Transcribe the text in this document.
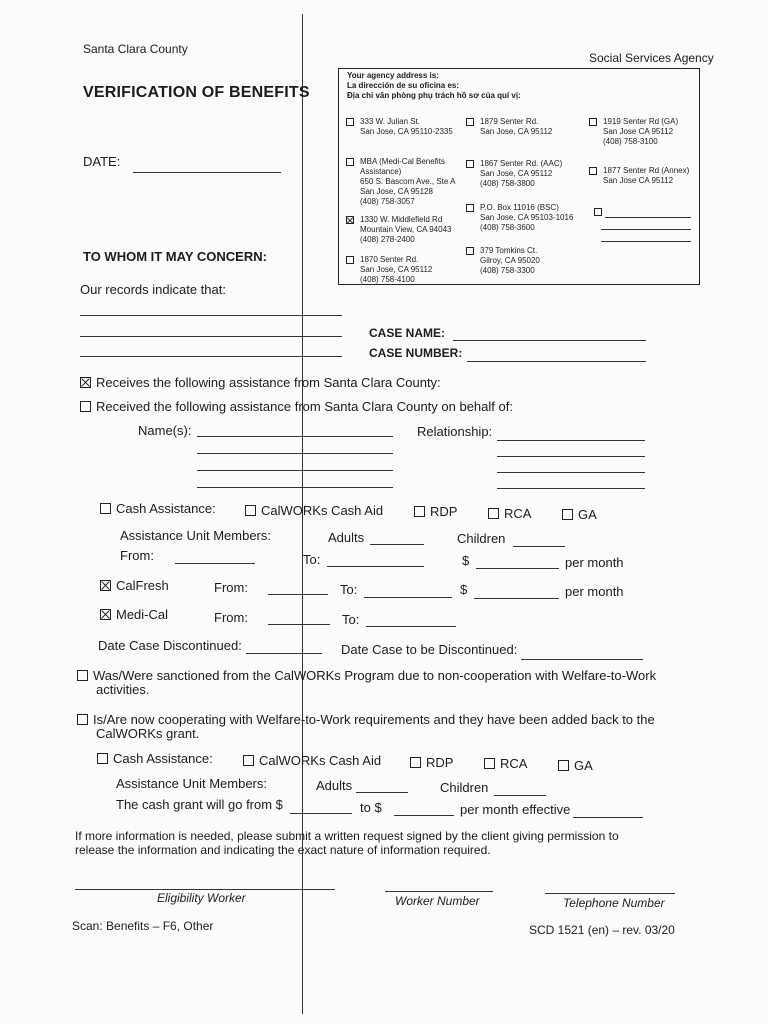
Santa Clara County
Social Services Agency
VERIFICATION OF BENEFITS
DATE:
TO WHOM IT MAY CONCERN:
Our records indicate that:
Your agency address is:
La dirección de su oficina es:
Địa chỉ văn phòng phụ trách hồ sơ của quí vị:
333 W. Julian St.
San Jose, CA 95110-2335
MBA (Medi-Cal Benefits
Assistance)
650 S. Bascom Ave., Ste A
San Jose, CA 95128
(408) 758-3057
1330 W. Middlefield Rd
Mountain View, CA 94043
(408) 278-2400
1870 Senter Rd.
San Jose, CA 95112
(408) 758-4100
1879 Senter Rd.
San Jose, CA 95112
1867 Senter Rd. (AAC)
San Jose, CA 95112
(408) 758-3800
P.O. Box 11016 (BSC)
San Jose, CA 95103-1016
(408) 758-3600
379 Tomkins Ct.
Gilroy, CA 95020
(408) 758-3300
1919 Senter Rd (GA)
San Jose CA 95112
(408) 758-3100
1877 Senter Rd (Annex)
San Jose CA 95112
CASE NAME:
CASE NUMBER:
Receives the following assistance from Santa Clara County:
Received the following assistance from Santa Clara County on behalf of:
Name(s):	Relationship:
Cash Assistance:	CalWORKs Cash Aid	RDP	RCA	GA
Assistance Unit Members:	Adults	Children
From:	To:	$	per month
CalFresh	From:	To:	$	per month
Medi-Cal	From:	To:
Date Case Discontinued:	Date Case to be Discontinued:
Was/Were sanctioned from the CalWORKs Program due to non-cooperation with Welfare-to-Work
activities.
Is/Are now cooperating with Welfare-to-Work requirements and they have been added back to the
CalWORKs grant.
Cash Assistance:	CalWORKs Cash Aid	RDP	RCA	GA
Assistance Unit Members:	Adults	Children
The cash grant will go from $	to $	per month effective
If more information is needed, please submit a written request signed by the client giving permission to
release the information and indicating the exact nature of information required.
Eligibility Worker	Worker Number	Telephone Number
Scan: Benefits – F6, Other	SCD 1521 (en) – rev. 03/20
